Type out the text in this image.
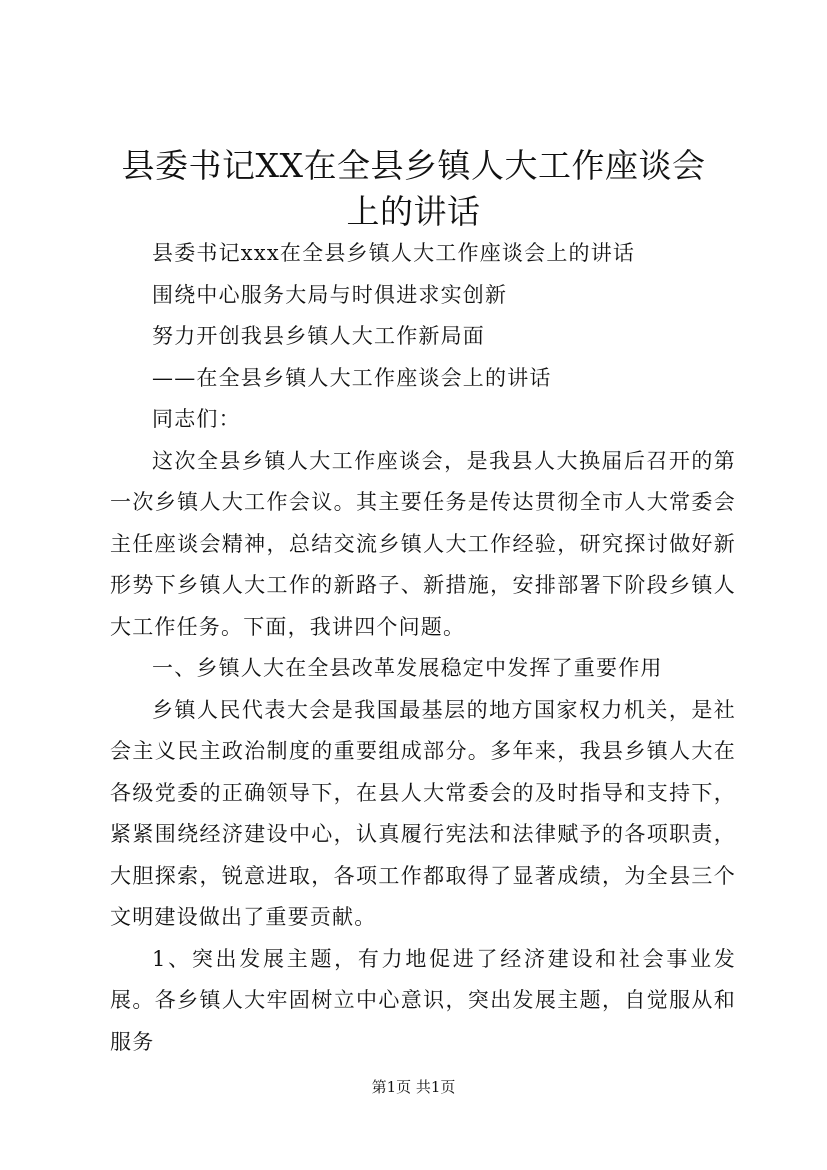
县委书记XX在全县乡镇人大工作座谈会上的讲话

县委书记xxx在全县乡镇人大工作座谈会上的讲话

围绕中心服务大局与时俱进求实创新

努力开创我县乡镇人大工作新局面

——在全县乡镇人大工作座谈会上的讲话

同志们：

这次全县乡镇人大工作座谈会，是我县人大换届后召开的第一次乡镇人大工作会议。其主要任务是传达贯彻全市人大常委会主任座谈会精神，总结交流乡镇人大工作经验，研究探讨做好新形势下乡镇人大工作的新路子、新措施，安排部署下阶段乡镇人大工作任务。下面，我讲四个问题。

一、乡镇人大在全县改革发展稳定中发挥了重要作用

乡镇人民代表大会是我国最基层的地方国家权力机关，是社会主义民主政治制度的重要组成部分。多年来，我县乡镇人大在各级党委的正确领导下，在县人大常委会的及时指导和支持下，紧紧围绕经济建设中心，认真履行宪法和法律赋予的各项职责，大胆探索，锐意进取，各项工作都取得了显著成绩，为全县三个文明建设做出了重要贡献。

1、突出发展主题，有力地促进了经济建设和社会事业发展。各乡镇人大牢固树立中心意识，突出发展主题，自觉服从和服务

第1页 共1页
